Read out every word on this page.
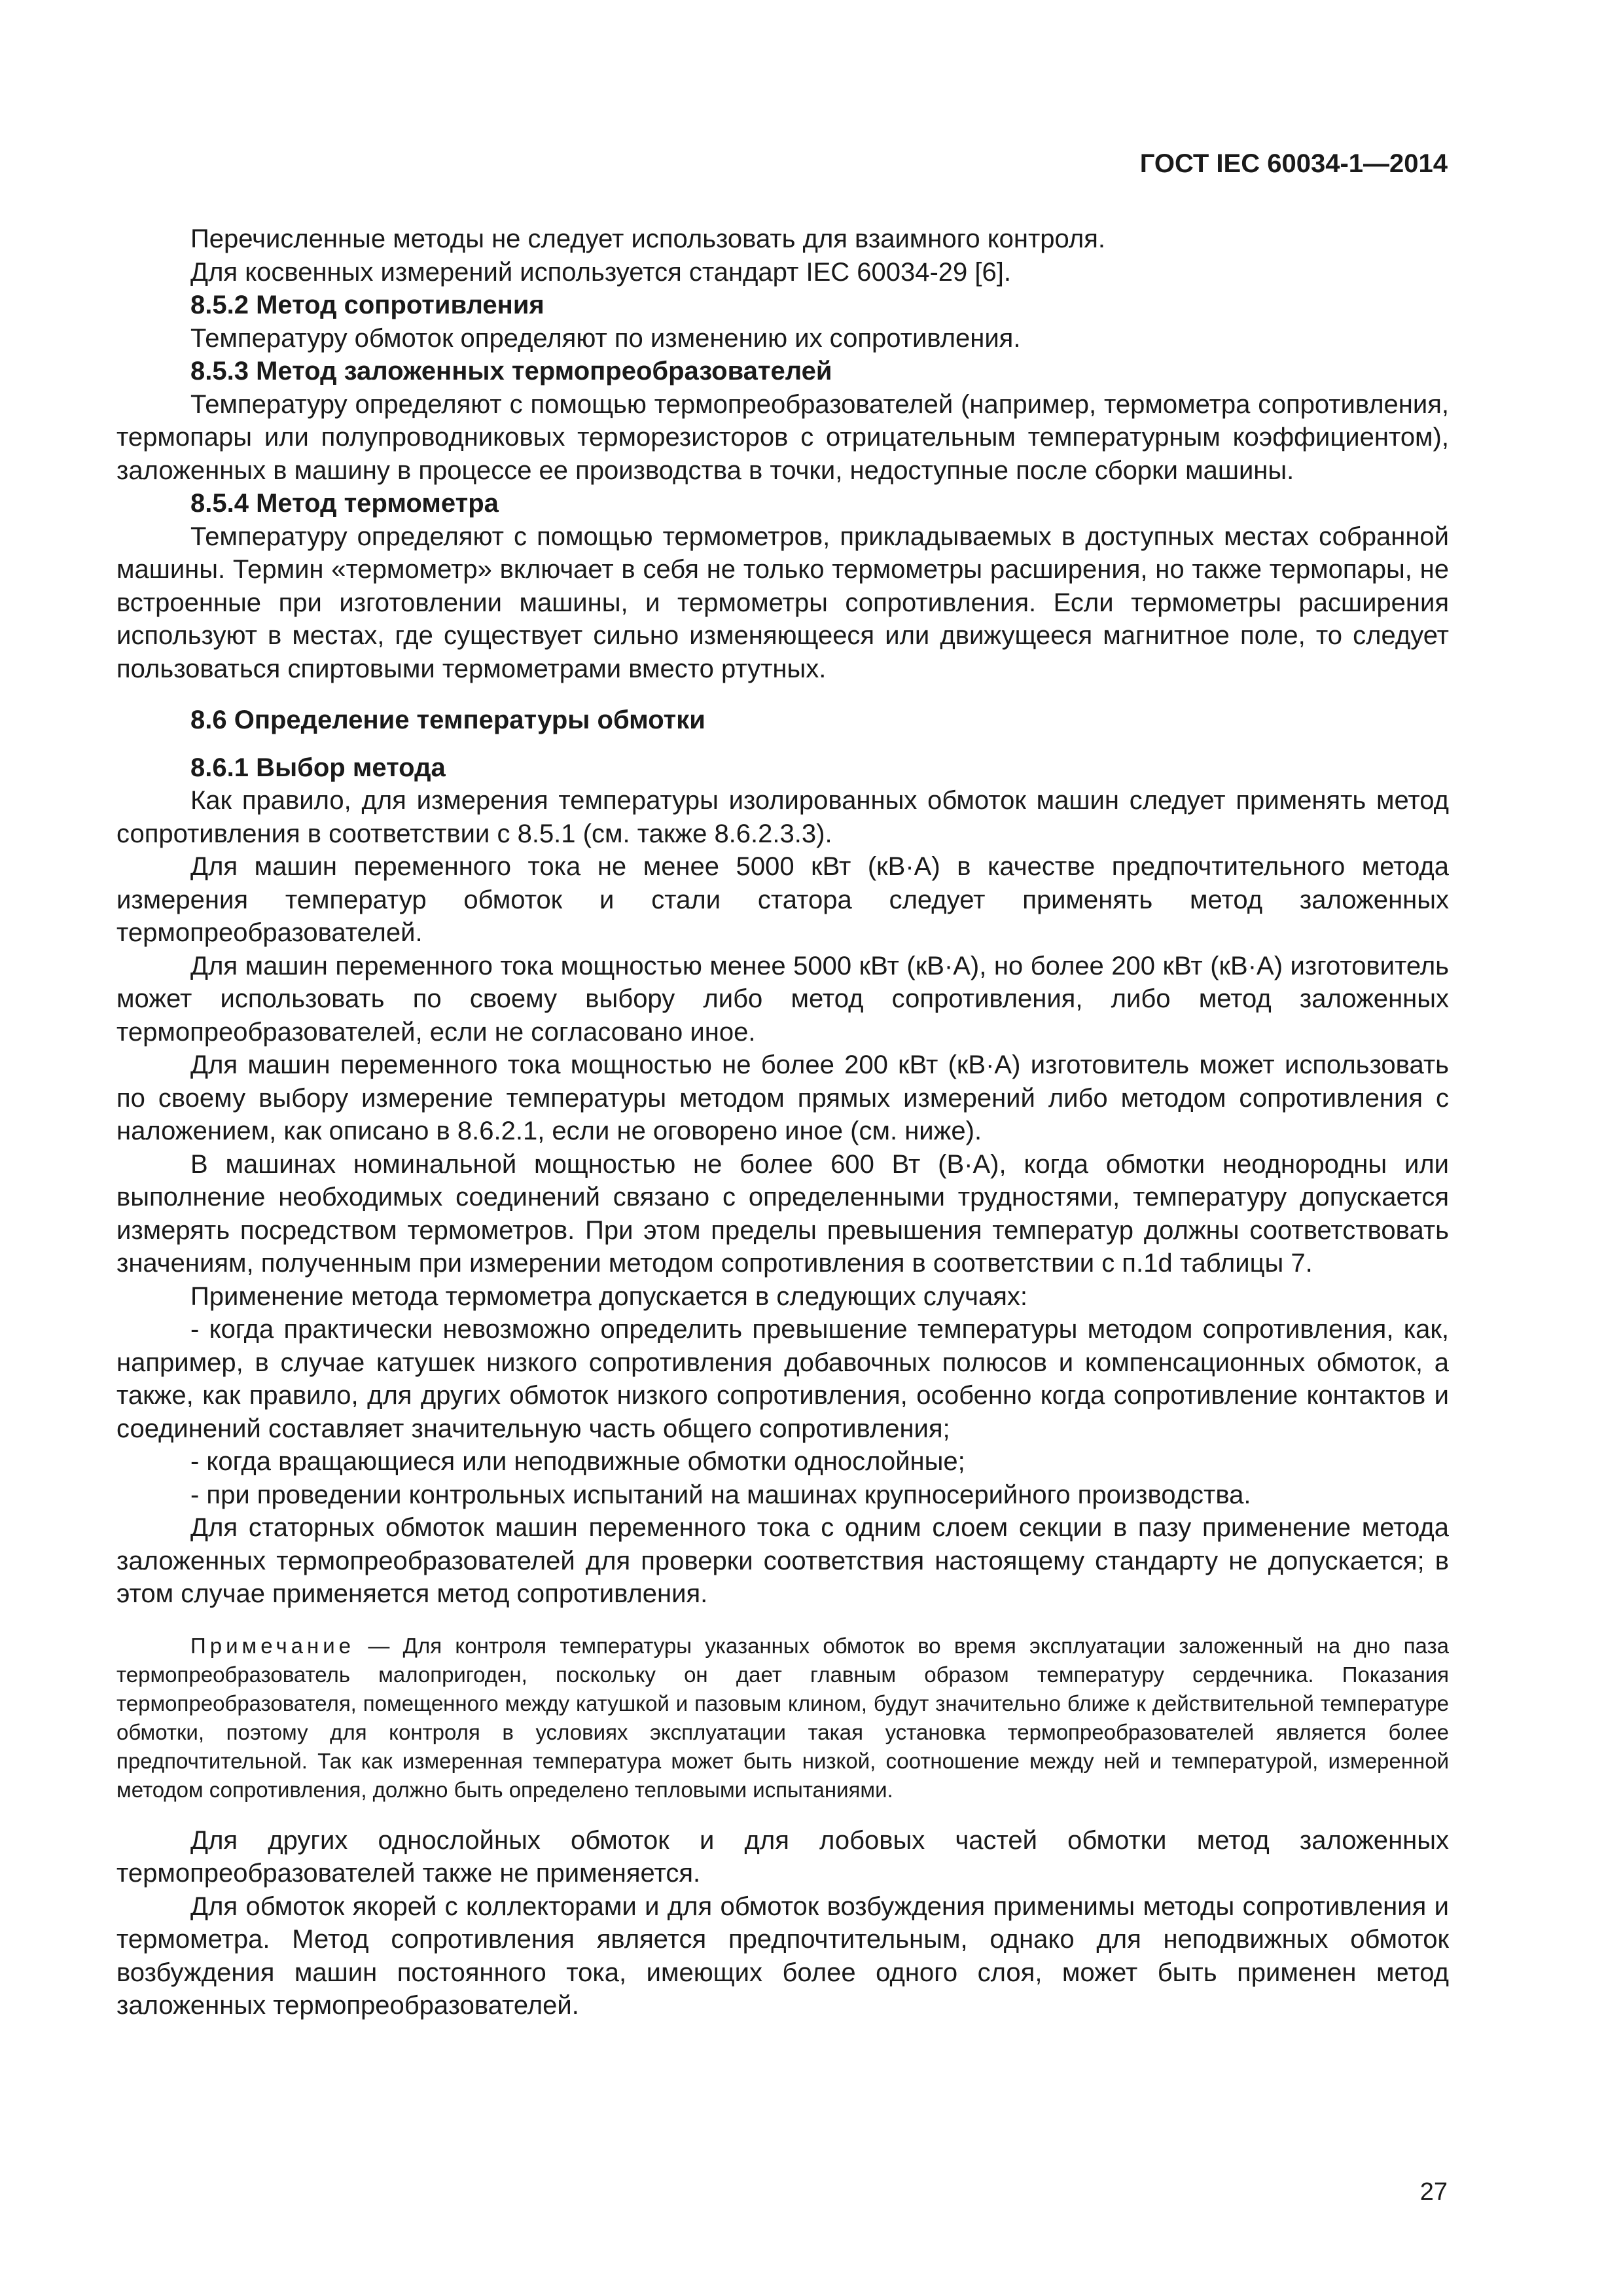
ГОСТ IEC 60034-1—2014

Перечисленные методы не следует использовать для взаимного контроля.

Для косвенных измерений используется стандарт IEC 60034-29 [6].

8.5.2 Метод сопротивления

Температуру обмоток определяют по изменению их сопротивления.

8.5.3 Метод заложенных термопреобразователей

Температуру определяют с помощью термопреобразователей (например, термометра сопротивления, термопары или полупроводниковых терморезисторов с отрицательным температурным коэффициентом), заложенных в машину в процессе ее производства в точки, недоступные после сборки машины.

8.5.4 Метод термометра

Температуру определяют с помощью термометров, прикладываемых в доступных местах собранной машины. Термин «термометр» включает в себя не только термометры расширения, но также термопары, не встроенные при изготовлении машины, и термометры сопротивления. Если термометры расширения используют в местах, где существует сильно изменяющееся или движущееся магнитное поле, то следует пользоваться спиртовыми термометрами вместо ртутных.

8.6 Определение температуры обмотки
8.6.1 Выбор метода

Как правило, для измерения температуры изолированных обмоток машин следует применять метод сопротивления в соответствии с 8.5.1 (см. также 8.6.2.3.3).

Для машин переменного тока не менее 5000 кВт (кВ·А) в качестве предпочтительного метода измерения температур обмоток и стали статора следует применять метод заложенных термопреобразователей.

Для машин переменного тока мощностью менее 5000 кВт (кВ·А), но более 200 кВт (кВ·А) изготовитель может использовать по своему выбору либо метод сопротивления, либо метод заложенных термопреобразователей, если не согласовано иное.

Для машин переменного тока мощностью не более 200 кВт (кВ·А) изготовитель может использовать по своему выбору измерение температуры методом прямых измерений либо методом сопротивления с наложением, как описано в 8.6.2.1, если не оговорено иное (см. ниже).

В машинах номинальной мощностью не более 600 Вт (В·А), когда обмотки неоднородны или выполнение необходимых соединений связано с определенными трудностями, температуру допускается измерять посредством термометров. При этом пределы превышения температур должны соответствовать значениям, полученным при измерении методом сопротивления в соответствии с п.1d таблицы 7.

Применение метода термометра допускается в следующих случаях:

- когда практически невозможно определить превышение температуры методом сопротивления, как, например, в случае катушек низкого сопротивления добавочных полюсов и компенсационных обмоток, а также, как правило, для других обмоток низкого сопротивления, особенно когда сопротивление контактов и соединений составляет значительную часть общего сопротивления;

- когда вращающиеся или неподвижные обмотки однослойные;

- при проведении контрольных испытаний на машинах крупносерийного производства.

Для статорных обмоток машин переменного тока с одним слоем секции в пазу применение метода заложенных термопреобразователей для проверки соответствия настоящему стандарту не допускается; в этом случае применяется метод сопротивления.

Примечание — Для контроля температуры указанных обмоток во время эксплуатации заложенный на дно паза термопреобразователь малопригоден, поскольку он дает главным образом температуру сердечника. Показания термопреобразователя, помещенного между катушкой и пазовым клином, будут значительно ближе к действительной температуре обмотки, поэтому для контроля в условиях эксплуатации такая установка термопреобразователей является более предпочтительной. Так как измеренная температура может быть низкой, соотношение между ней и температурой, измеренной методом сопротивления, должно быть определено тепловыми испытаниями.

Для других однослойных обмоток и для лобовых частей обмотки метод заложенных термопреобразователей также не применяется.

Для обмоток якорей с коллекторами и для обмоток возбуждения применимы методы сопротивления и термометра. Метод сопротивления является предпочтительным, однако для неподвижных обмоток возбуждения машин постоянного тока, имеющих более одного слоя, может быть применен метод заложенных термопреобразователей.

27
